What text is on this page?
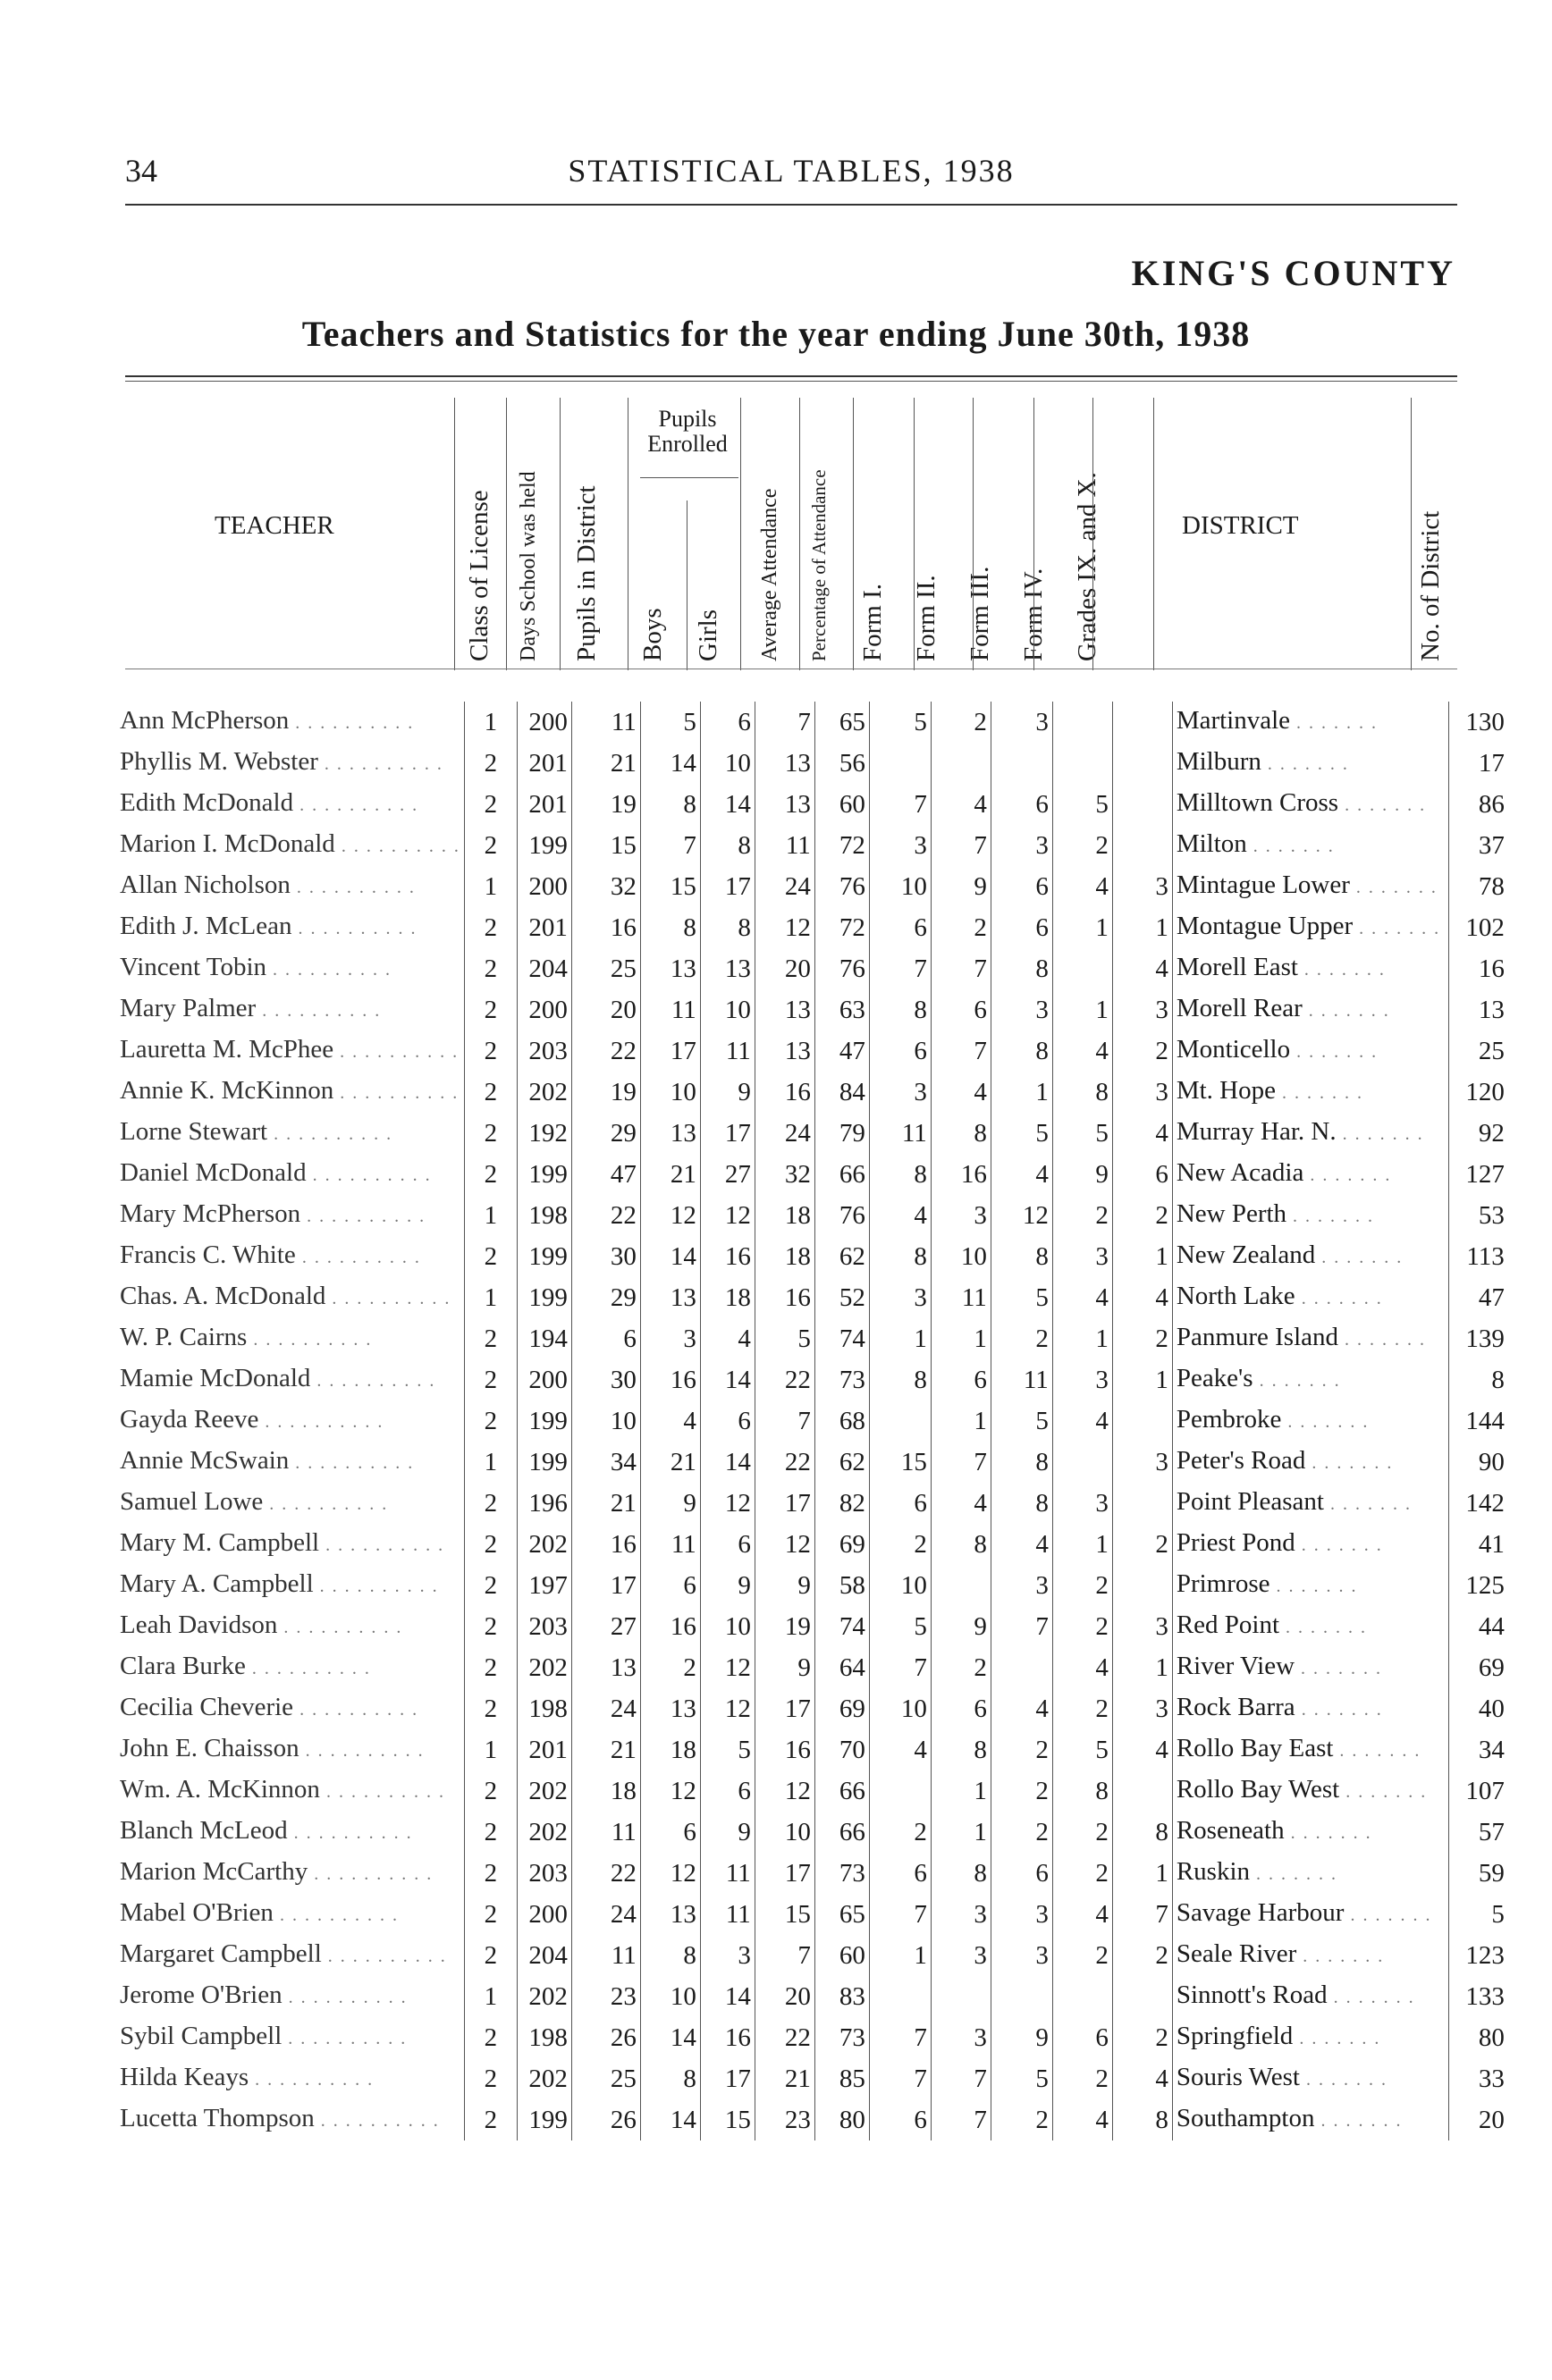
34	STATISTICAL TABLES, 1938
KING'S COUNTY
Teachers and Statistics for the year ending June 30th, 1938
TEACHER	Class of License Days School was held Pupils in District
Pupils Enrolled
Boys Girls Average Attendance Percentage of Attendance Form I. Form II. Form III. Form IV. Grades IX. and X.	DISTRICT	No. of District
Ann McPherson . . . . . . . . . .	1	200	11	5	6	7	65	5	2	3			Martinvale . . . . . . .	130
Phyllis M. Webster . . . . . . . . . .	2	201	21	14	10	13	56						Milburn . . . . . . .	17
Edith McDonald . . . . . . . . . .	2	201	19	8	14	13	60	7	4	6	5		Milltown Cross . . . . . . .	86
Marion I. McDonald . . . . . . . . . .	2	199	15	7	8	11	72	3	7	3	2		Milton . . . . . . .	37
Allan Nicholson . . . . . . . . . .	1	200	32	15	17	24	76	10	9	6	4	3	Mintague Lower . . . . . . .	78
Edith J. McLean . . . . . . . . . .	2	201	16	8	8	12	72	6	2	6	1	1	Montague Upper . . . . . . .	102
Vincent Tobin . . . . . . . . . .	2	204	25	13	13	20	76	7	7	8		4	Morell East . . . . . . .	16
Mary Palmer . . . . . . . . . .	2	200	20	11	10	13	63	8	6	3	1	3	Morell Rear . . . . . . .	13
Lauretta M. McPhee . . . . . . . . . .	2	203	22	17	11	13	47	6	7	8	4	2	Monticello . . . . . . .	25
Annie K. McKinnon . . . . . . . . . .	2	202	19	10	9	16	84	3	4	1	8	3	Mt. Hope . . . . . . .	120
Lorne Stewart . . . . . . . . . .	2	192	29	13	17	24	79	11	8	5	5	4	Murray Har. N. . . . . . . .	92
Daniel McDonald . . . . . . . . . .	2	199	47	21	27	32	66	8	16	4	9	6	New Acadia . . . . . . .	127
Mary McPherson . . . . . . . . . .	1	198	22	12	12	18	76	4	3	12	2	2	New Perth . . . . . . .	53
Francis C. White . . . . . . . . . .	2	199	30	14	16	18	62	8	10	8	3	1	New Zealand . . . . . . .	113
Chas. A. McDonald . . . . . . . . . .	1	199	29	13	18	16	52	3	11	5	4	4	North Lake . . . . . . .	47
W. P. Cairns . . . . . . . . . .	2	194	6	3	4	5	74	1	1	2	1	2	Panmure Island . . . . . . .	139
Mamie McDonald . . . . . . . . . .	2	200	30	16	14	22	73	8	6	11	3	1	Peake's . . . . . . .	8
Gayda Reeve . . . . . . . . . .	2	199	10	4	6	7	68		1	5	4		Pembroke . . . . . . .	144
Annie McSwain . . . . . . . . . .	1	199	34	21	14	22	62	15	7	8		3	Peter's Road . . . . . . .	90
Samuel Lowe . . . . . . . . . .	2	196	21	9	12	17	82	6	4	8	3		Point Pleasant . . . . . . .	142
Mary M. Campbell . . . . . . . . . .	2	202	16	11	6	12	69	2	8	4	1	2	Priest Pond . . . . . . .	41
Mary A. Campbell . . . . . . . . . .	2	197	17	6	9	9	58	10		3	2		Primrose . . . . . . .	125
Leah Davidson . . . . . . . . . .	2	203	27	16	10	19	74	5	9	7	2	3	Red Point . . . . . . .	44
Clara Burke . . . . . . . . . .	2	202	13	2	12	9	64	7	2		4	1	River View . . . . . . .	69
Cecilia Cheverie . . . . . . . . . .	2	198	24	13	12	17	69	10	6	4	2	3	Rock Barra . . . . . . .	40
John E. Chaisson . . . . . . . . . .	1	201	21	18	5	16	70	4	8	2	5	4	Rollo Bay East . . . . . . .	34
Wm. A. McKinnon . . . . . . . . . .	2	202	18	12	6	12	66		1	2	8		Rollo Bay West . . . . . . .	107
Blanch McLeod . . . . . . . . . .	2	202	11	6	9	10	66	2	1	2	2	8	Roseneath . . . . . . .	57
Marion McCarthy . . . . . . . . . .	2	203	22	12	11	17	73	6	8	6	2	1	Ruskin . . . . . . .	59
Mabel O'Brien . . . . . . . . . .	2	200	24	13	11	15	65	7	3	3	4	7	Savage Harbour . . . . . . .	5
Margaret Campbell . . . . . . . . . .	2	204	11	8	3	7	60	1	3	3	2	2	Seale River . . . . . . .	123
Jerome O'Brien . . . . . . . . . .	1	202	23	10	14	20	83						Sinnott's Road . . . . . . .	133
Sybil Campbell . . . . . . . . . .	2	198	26	14	16	22	73	7	3	9	6	2	Springfield . . . . . . .	80
Hilda Keays . . . . . . . . . .	2	202	25	8	17	21	85	7	7	5	2	4	Souris West . . . . . . .	33
Lucetta Thompson . . . . . . . . . .	2	199	26	14	15	23	80	6	7	2	4	8	Southampton . . . . . . .	20
